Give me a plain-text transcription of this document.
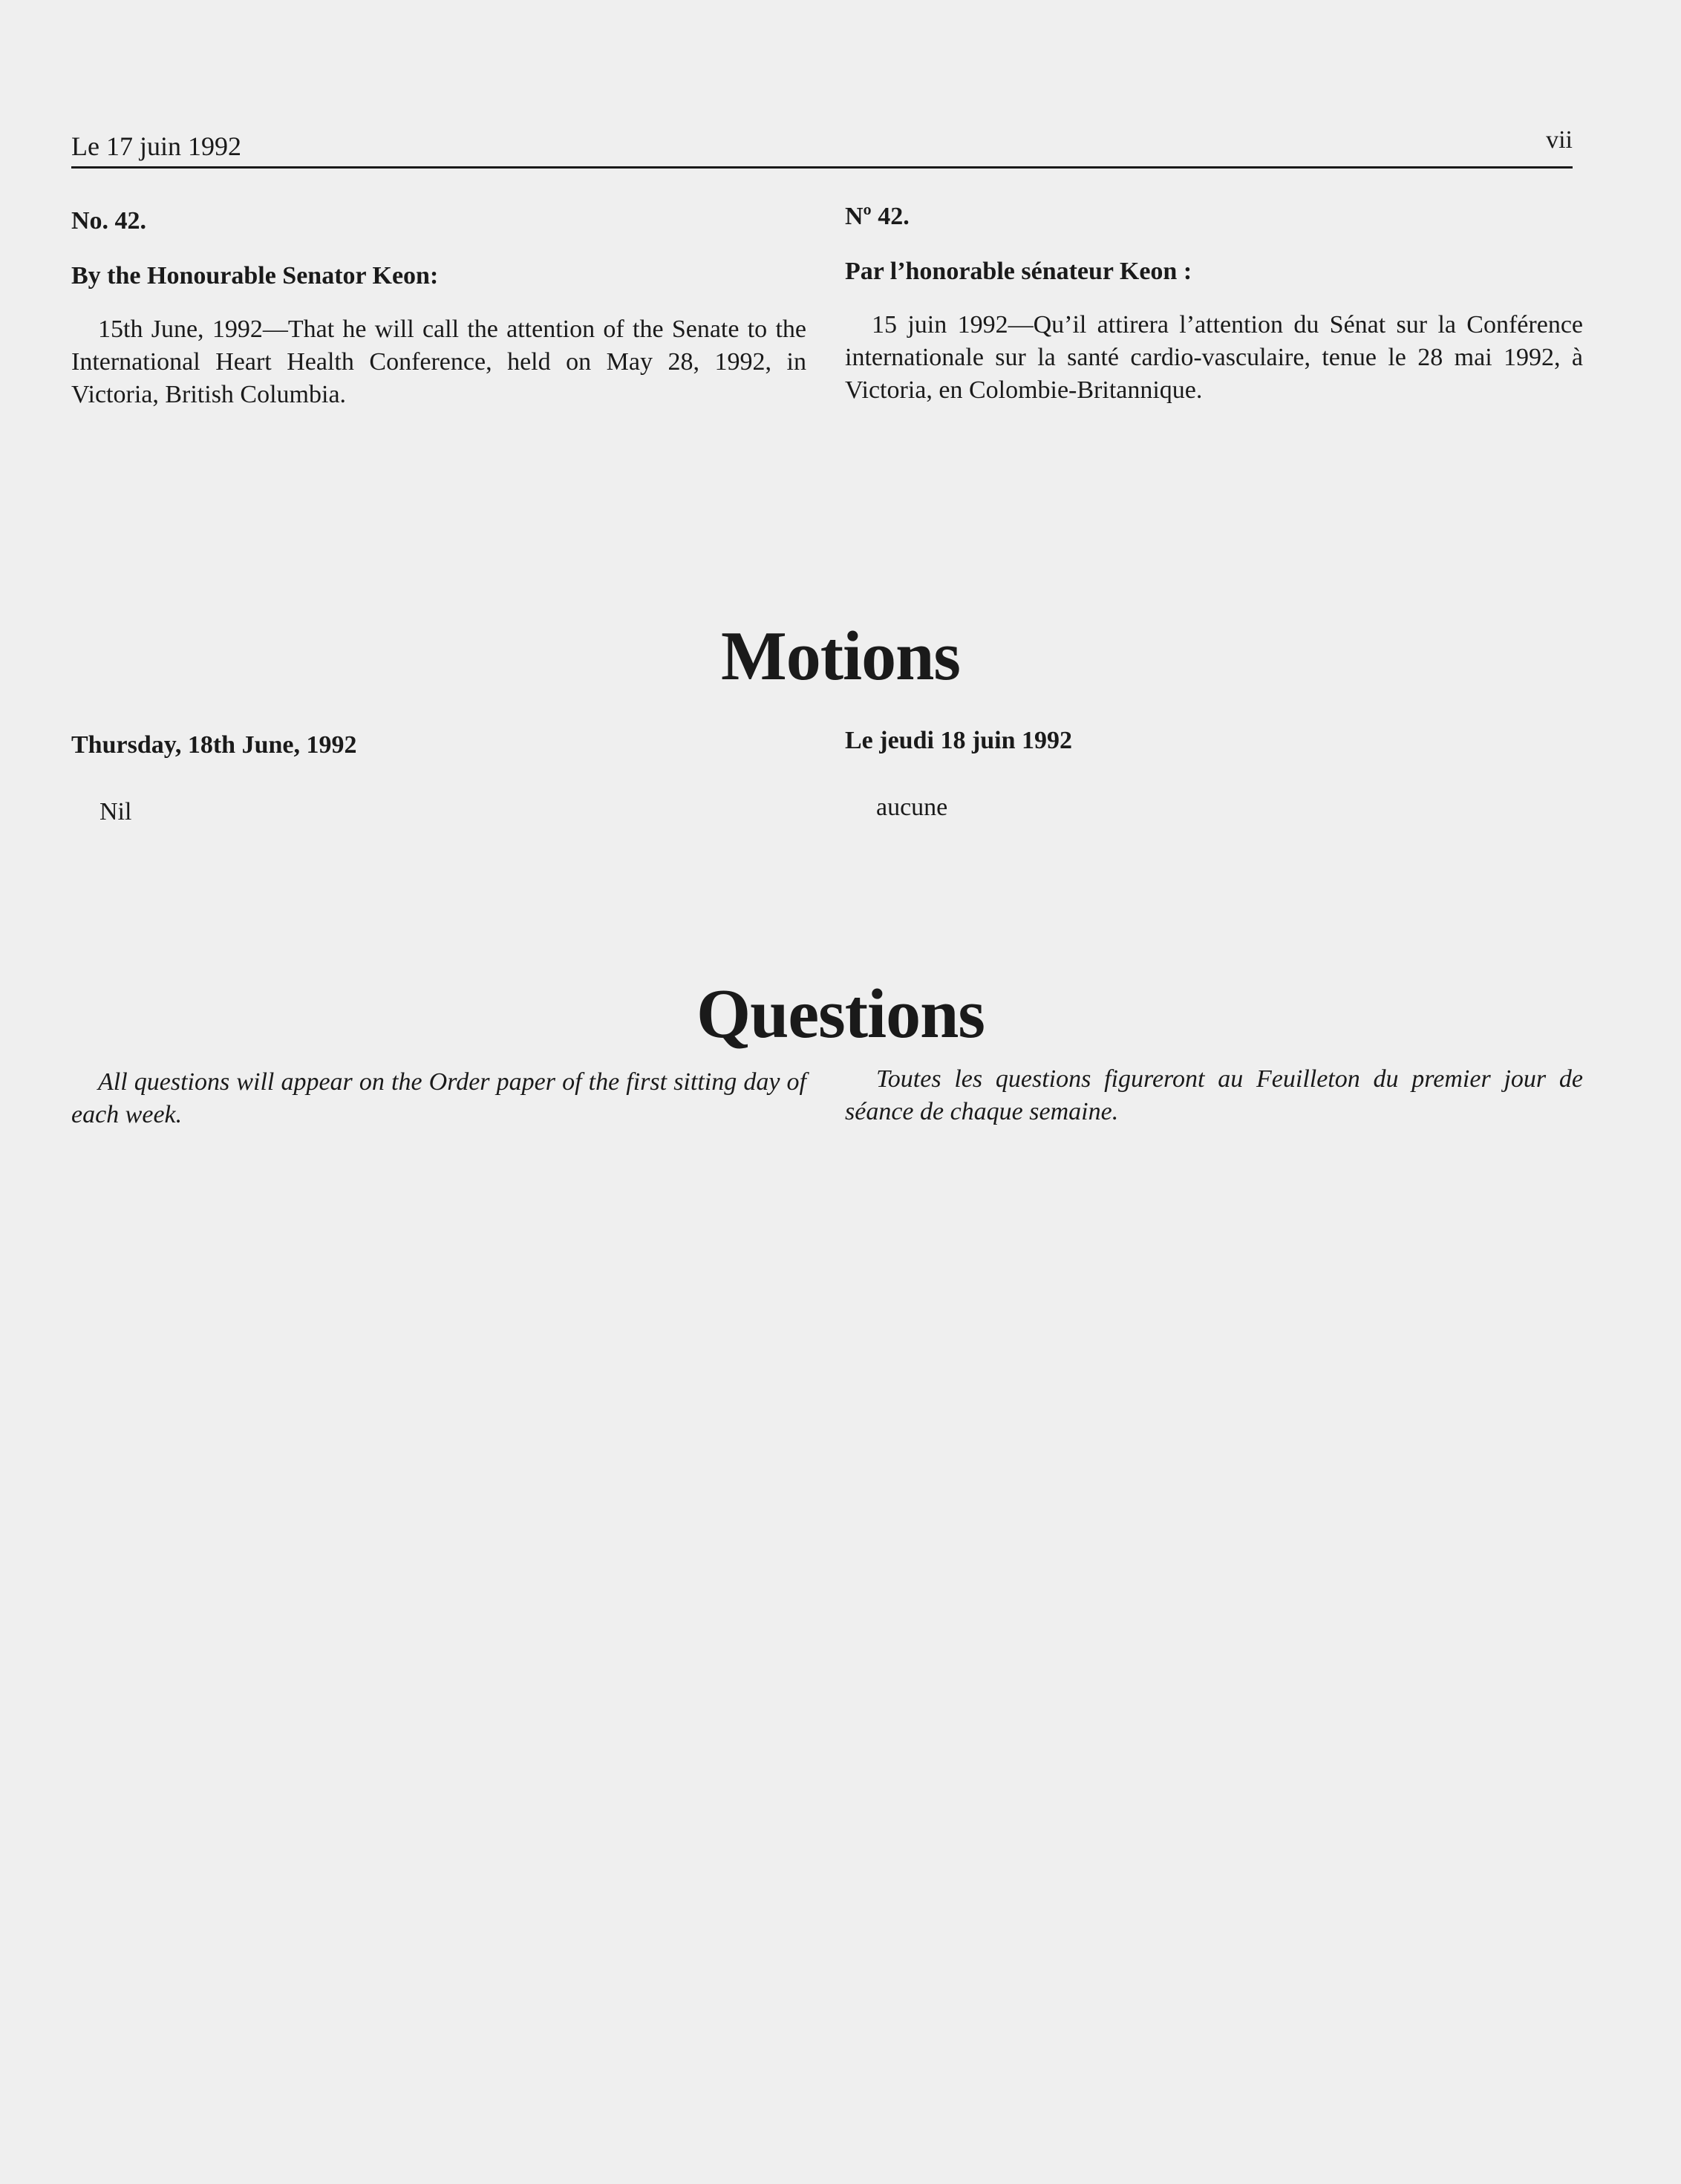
Le 17 juin 1992	vii
No. 42.
By the Honourable Senator Keon:

15th June, 1992—That he will call the attention of the Senate to the International Heart Health Conference, held on May 28, 1992, in Victoria, British Columbia.

Nº 42.
Par l’honorable sénateur Keon :

15 juin 1992—Qu’il attirera l’attention du Sénat sur la Conférence internationale sur la santé cardio-vasculaire, tenue le 28 mai 1992, à Victoria, en Colombie-Britannique.

Motions
Thursday, 18th June, 1992
Nil
Le jeudi 18 juin 1992
aucune
Questions

All questions will appear on the Order paper of the first sitting day of each week.

Toutes les questions figureront au Feuilleton du premier jour de séance de chaque semaine.
